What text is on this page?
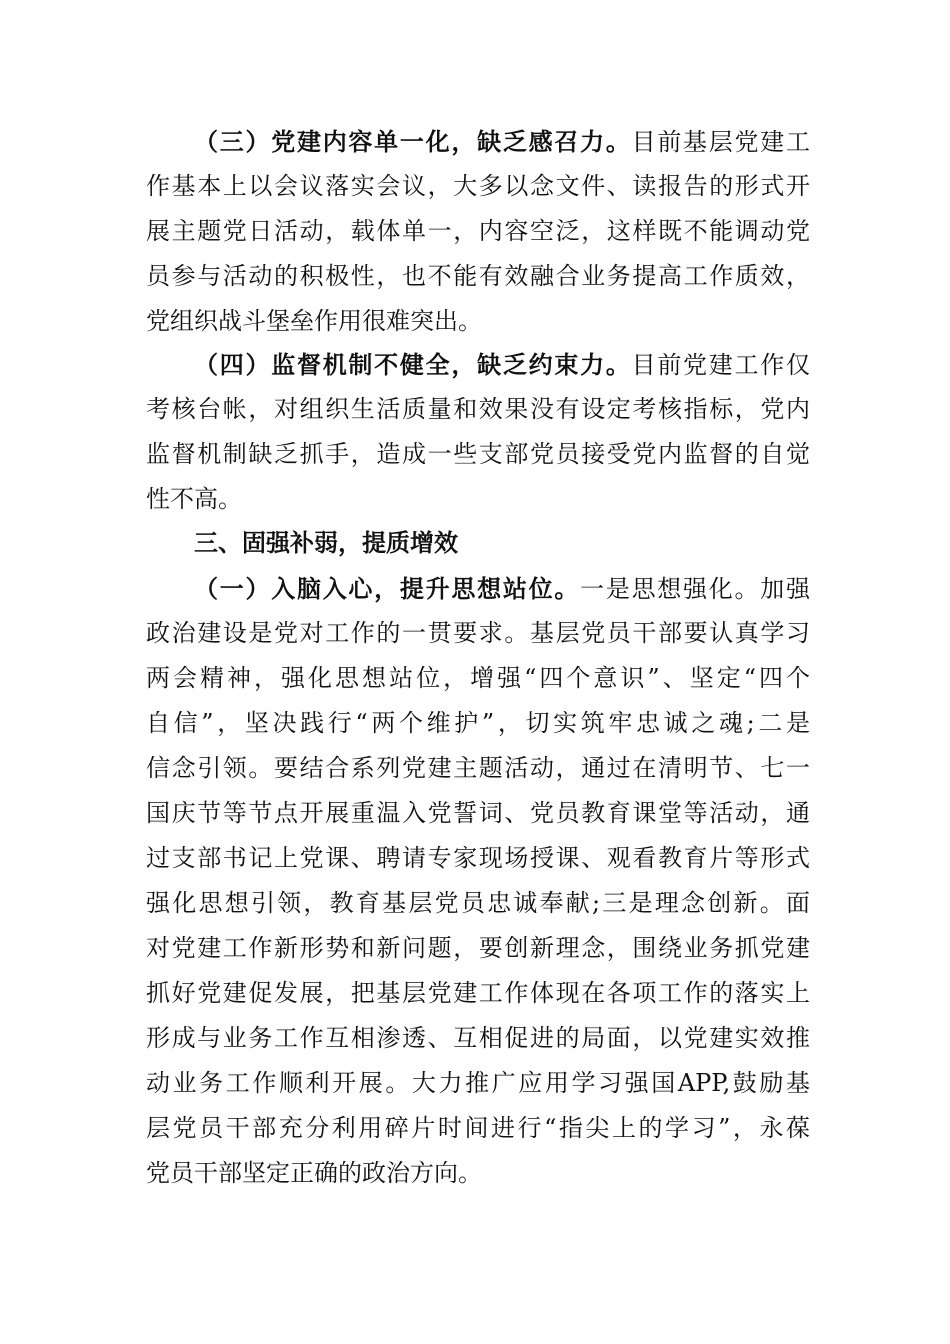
（三）党建内容单一化，缺乏感召力。目前基层党建工
作基本上以会议落实会议，大多以念文件、读报告的形式开
展主题党日活动，载体单一，内容空泛，这样既不能调动党
员参与活动的积极性，也不能有效融合业务提高工作质效，
党组织战斗堡垒作用很难突出。
（四）监督机制不健全，缺乏约束力。目前党建工作仅
考核台帐，对组织生活质量和效果没有设定考核指标，党内
监督机制缺乏抓手，造成一些支部党员接受党内监督的自觉
性不高。
三、固强补弱，提质增效
（一）入脑入心，提升思想站位。一是思想强化。加强
政治建设是党对工作的一贯要求。基层党员干部要认真学习
两会精神，强化思想站位，增强“四个意识”、坚定“四个
自信”，坚决践行“两个维护”，切实筑牢忠诚之魂;二是
信念引领。要结合系列党建主题活动，通过在清明节、七一
国庆节等节点开展重温入党誓词、党员教育课堂等活动，通
过支部书记上党课、聘请专家现场授课、观看教育片等形式
强化思想引领，教育基层党员忠诚奉献;三是理念创新。面
对党建工作新形势和新问题，要创新理念，围绕业务抓党建
抓好党建促发展，把基层党建工作体现在各项工作的落实上
形成与业务工作互相渗透、互相促进的局面，以党建实效推
动业务工作顺利开展。大力推广应用学习强国APP,鼓励基
层党员干部充分利用碎片时间进行“指尖上的学习”，永葆
党员干部坚定正确的政治方向。
